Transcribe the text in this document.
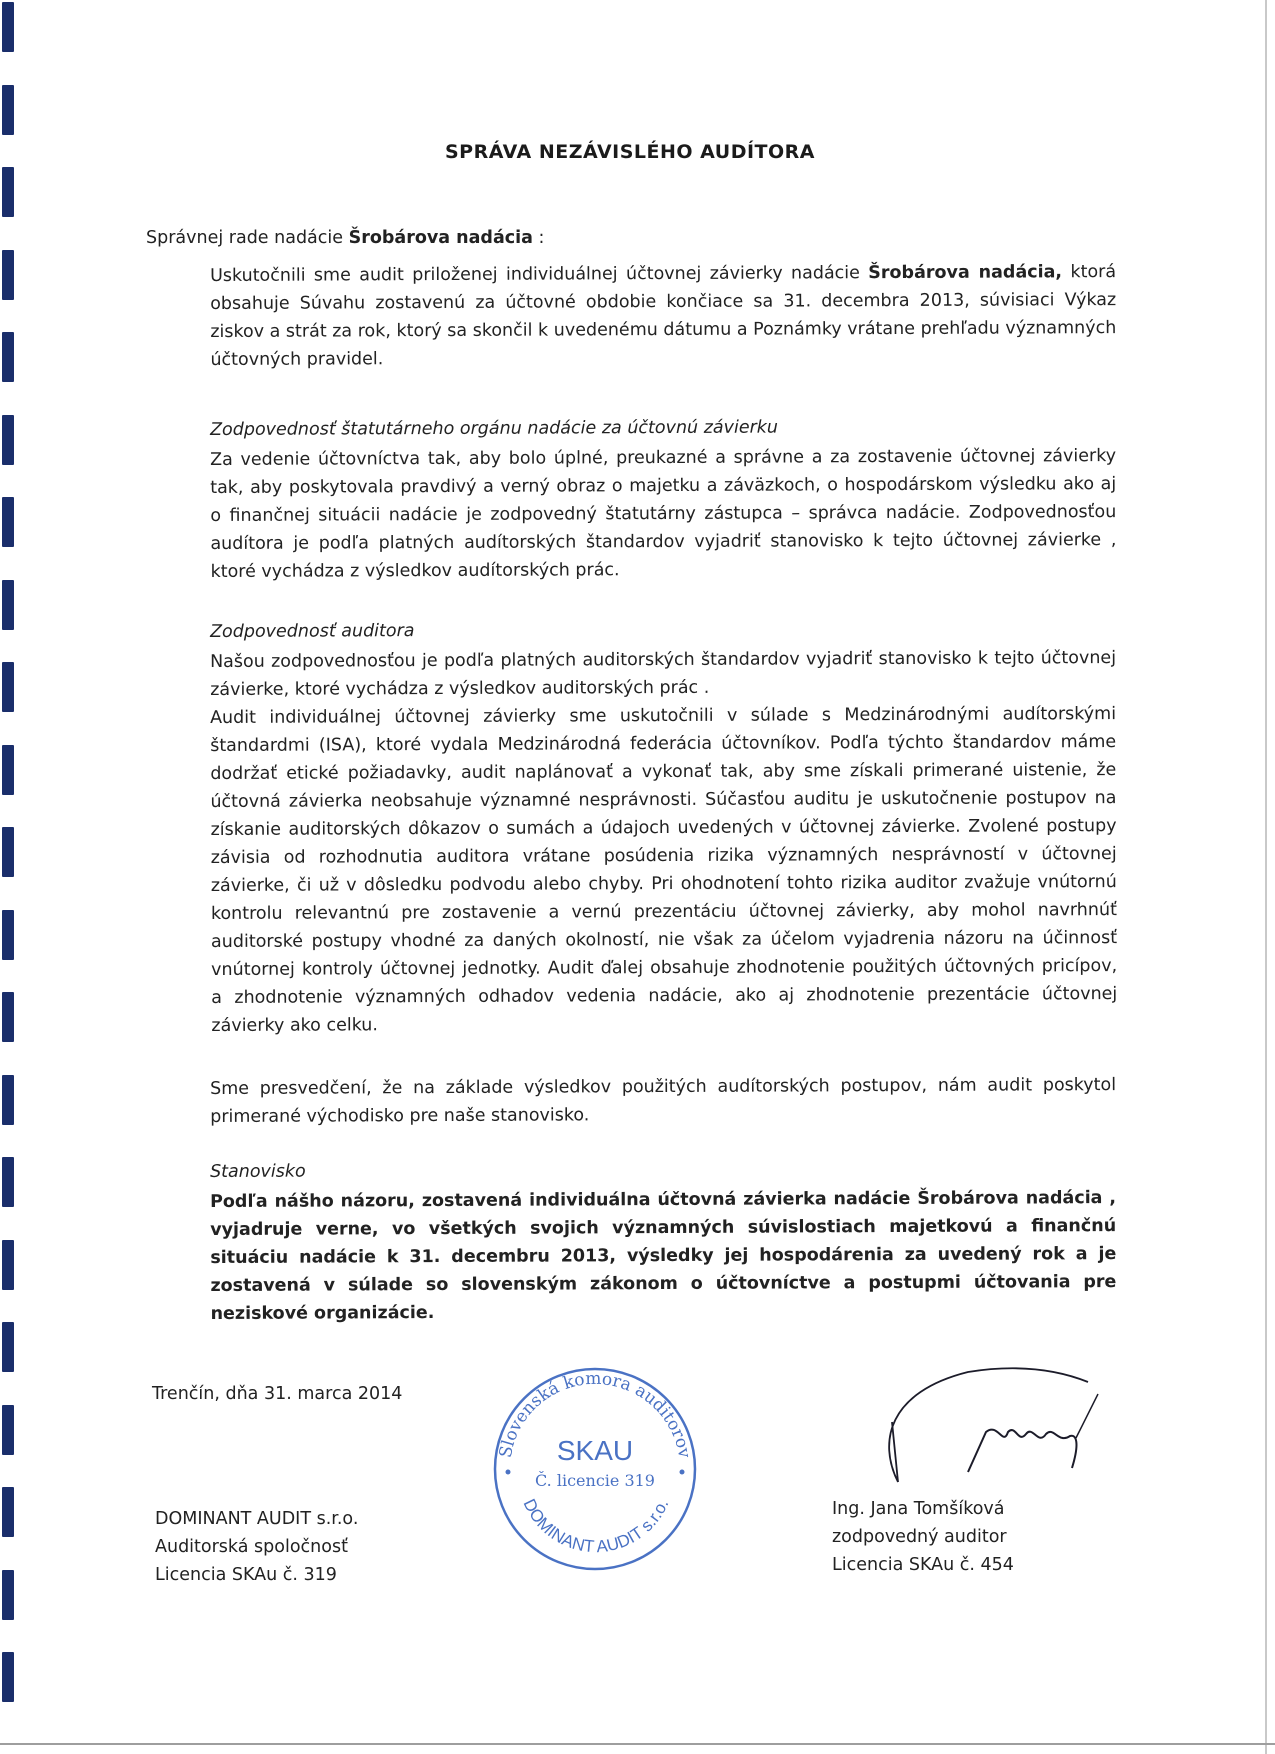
SPRÁVA NEZÁVISLÉHO AUDÍTORA
Správnej rade nadácie Šrobárova nadácia :
Uskutočnili sme audit priloženej individuálnej účtovnej závierky nadácie Šrobárova nadácia, ktorá obsahuje Súvahu zostavenú za účtovné obdobie končiace sa 31. decembra 2013, súvisiaci Výkaz ziskov a strát za rok, ktorý sa skončil k uvedenému dátumu a Poznámky vrátane prehľadu významných účtovných pravidel.
Zodpovednosť štatutárneho orgánu nadácie za účtovnú závierku
Za vedenie účtovníctva tak, aby bolo úplné, preukazné a správne a za zostavenie účtovnej závierky tak, aby poskytovala pravdivý a verný obraz o majetku a záväzkoch, o hospodárskom výsledku ako aj o finančnej situácii nadácie je zodpovedný štatutárny zástupca – správca nadácie. Zodpovednosťou audítora je podľa platných audítorských štandardov vyjadriť stanovisko k tejto účtovnej závierke , ktoré vychádza z výsledkov audítorských prác.
Zodpovednosť auditora
Našou zodpovednosťou je podľa platných auditorských štandardov vyjadriť stanovisko k tejto účtovnej závierke, ktoré vychádza z výsledkov auditorských prác .
Audit individuálnej účtovnej závierky sme uskutočnili v súlade s Medzinárodnými audítorskými štandardmi (ISA), ktoré vydala Medzinárodná federácia účtovníkov. Podľa týchto štandardov máme dodržať etické požiadavky, audit naplánovať a vykonať tak, aby sme získali primerané uistenie, že účtovná závierka neobsahuje významné nesprávnosti. Súčasťou auditu je uskutočnenie postupov na získanie auditorských dôkazov o sumách a údajoch uvedených v účtovnej závierke. Zvolené postupy závisia od rozhodnutia auditora vrátane posúdenia rizika významných nesprávností v účtovnej závierke, či už v dôsledku podvodu alebo chyby. Pri ohodnotení tohto rizika auditor zvažuje vnútornú kontrolu relevantnú pre zostavenie a vernú prezentáciu účtovnej závierky, aby mohol navrhnúť auditorské postupy vhodné za daných okolností, nie však za účelom vyjadrenia názoru na účinnosť vnútornej kontroly účtovnej jednotky. Audit ďalej obsahuje zhodnotenie použitých účtovných pricípov, a zhodnotenie významných odhadov vedenia nadácie, ako aj zhodnotenie prezentácie účtovnej závierky ako celku.
Sme presvedčení, že na základe výsledkov použitých audítorských postupov, nám audit poskytol primerané východisko pre naše stanovisko.
Stanovisko
Podľa nášho názoru, zostavená individuálna účtovná závierka nadácie Šrobárova nadácia , vyjadruje verne, vo všetkých svojich významných súvislostiach majetkovú a finančnú situáciu nadácie k 31. decembru 2013, výsledky jej hospodárenia za uvedený rok a je zostavená v súlade so slovenským zákonom o účtovníctve a postupmi účtovania pre neziskové organizácie.
Trenčín, dňa 31. marca 2014
DOMINANT AUDIT s.r.o.
Auditorská spoločnosť
Licencia SKAu č. 319
Slovenská komora auditorov
SKAU
Č. licencie 319
DOMINANT AUDIT s.r.o.	Ing. Jana Tomšíková
zodpovedný auditor
Licencia SKAu č. 454
